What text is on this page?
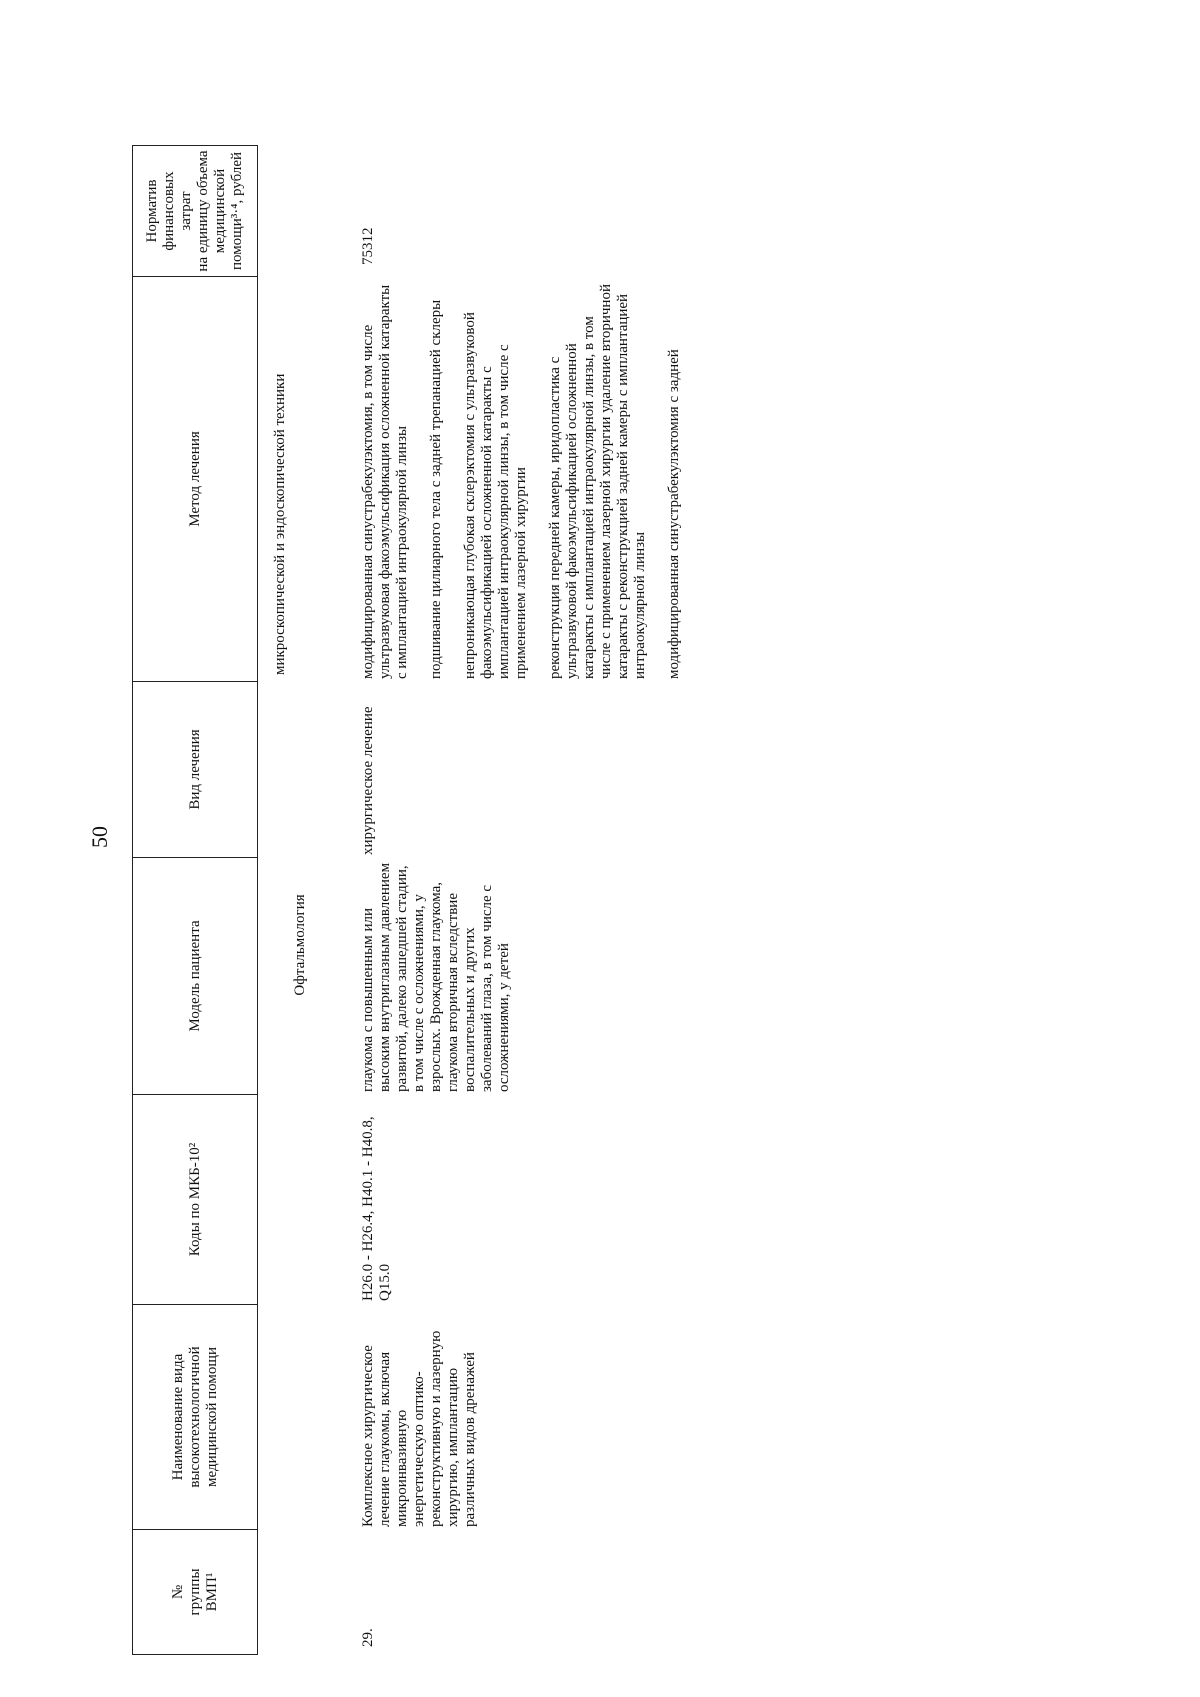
50
№ группы ВМП¹
Наименование вида высокотехнологичной медицинской помощи
Коды по МКБ-10²
Модель пациента
Вид лечения
Метод лечения
Норматив финансовых затрат на единицу объема медицинской помощи³·⁴, рублей
микроскопической и эндоскопической техники
Офтальмология
29.
Комплексное хирургическое лечение глаукомы, включая микроинвазивную энергетическую оптико-реконструктивную и лазерную хирургию, имплантацию различных видов дренажей
H26.0 - H26.4, H40.1 - H40.8, Q15.0
глаукома с повышенным или высоким внутриглазным давлением развитой, далеко зашедшей стадии, в том числе с осложнениями, у взрослых. Врожденная глаукома, глаукома вторичная вследствие воспалительных и других заболеваний глаза, в том числе с осложнениями, у детей
хирургическое лечение
модифицированная синустрабекулэктомия, в том числе ультразвуковая факоэмульсификация осложненной катаракты с имплантацией интраокулярной линзы подшивание цилиарного тела с задней трепанацией склеры непроникающая глубокая склерэктомия с ультразвуковой факоэмульсификацией осложненной катаракты с имплантацией интраокулярной линзы, в том числе с применением лазерной хирургии реконструкция передней камеры, иридопластика с ультразвуковой факоэмульсификацией осложненной катаракты с имплантацией интраокулярной линзы, в том числе с применением лазерной хирургии удаление вторичной катаракты с реконструкцией задней камеры с имплантацией интраокулярной линзы модифицированная синустрабекулэктомия с задней
75312
